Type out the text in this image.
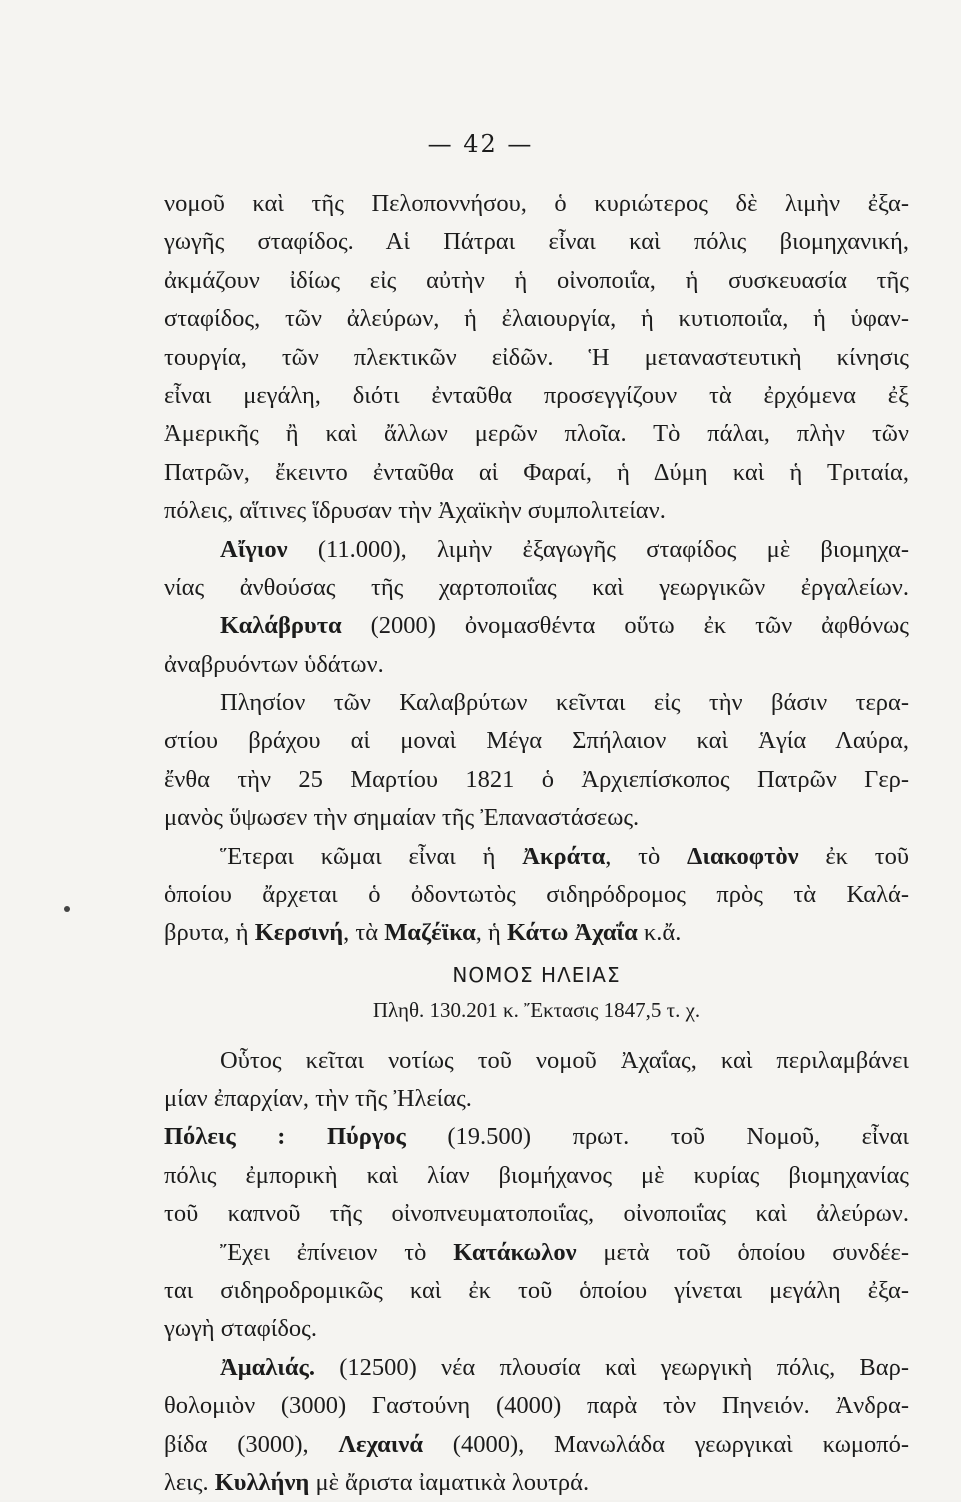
— 42 —
νομοῦ καὶ τῆς Πελοποννήσου, ὁ κυριώτερος δὲ λιμὴν ἐξα-
γωγῆς σταφίδος. Αἱ Πάτραι εἶναι καὶ πόλις βιομηχανική,
ἀκμάζουν ἰδίως εἰς αὐτὴν ἡ οἰνοποιΐα, ἡ συσκευασία τῆς
σταφίδος, τῶν ἀλεύρων, ἡ ἐλαιουργία, ἡ κυτιοποιΐα, ἡ ὑφαν-
τουργία, τῶν πλεκτικῶν εἰδῶν. Ἡ μεταναστευτικὴ κίνησις
εἶναι μεγάλη, διότι ἐνταῦθα προσεγγίζουν τὰ ἐρχόμενα ἐξ
Ἀμερικῆς ἢ καὶ ἄλλων μερῶν πλοῖα. Τὸ πάλαι, πλὴν τῶν
Πατρῶν, ἔκειντο ἐνταῦθα αἱ Φαραί, ἡ Δύμη καὶ ἡ Τριταία,
πόλεις, αἵτινες ἵδρυσαν τὴν Ἀχαϊκὴν συμπολιτείαν.
Αἴγιον (11.000), λιμὴν ἐξαγωγῆς σταφίδος μὲ βιομηχα-
νίας ἀνθούσας τῆς χαρτοποιΐας καὶ γεωργικῶν ἐργαλείων.
Καλάβρυτα (2000) ὀνομασθέντα οὕτω ἐκ τῶν ἀφθόνως
ἀναβρυόντων ὑδάτων.
Πλησίον τῶν Καλαβρύτων κεῖνται εἰς τὴν βάσιν τερα-
στίου βράχου αἱ μοναὶ Μέγα Σπήλαιον καὶ Ἁγία Λαύρα,
ἔνθα τὴν 25 Μαρτίου 1821 ὁ Ἀρχιεπίσκοπος Πατρῶν Γερ-
μανὸς ὕψωσεν τὴν σημαίαν τῆς Ἐπαναστάσεως.
Ἕτεραι κῶμαι εἶναι ἡ Ἀκράτα, τὸ Διακοφτὸν ἐκ τοῦ
ὁποίου ἄρχεται ὁ ὀδοντωτὸς σιδηρόδρομος πρὸς τὰ Καλά-
βρυτα, ἡ Κερσινή, τὰ Μαζέϊκα, ἡ Κάτω Ἀχαΐα κ.ἄ.
ΝΟΜΟΣ ΗΛΕΙΑΣ
Πληθ. 130.201 κ. Ἔκτασις 1847,5 τ. χ.
Οὗτος κεῖται νοτίως τοῦ νομοῦ Ἀχαΐας, καὶ περιλαμβάνει
μίαν ἐπαρχίαν, τὴν τῆς Ἠλείας.
Πόλεις : Πύργος (19.500) πρωτ. τοῦ Νομοῦ, εἶναι
πόλις ἐμπορικὴ καὶ λίαν βιομήχανος μὲ κυρίας βιομηχανίας
τοῦ καπνοῦ τῆς οἰνοπνευματοποιΐας, οἰνοποιΐας καὶ ἀλεύρων.
Ἔχει ἐπίνειον τὸ Κατάκωλον μετὰ τοῦ ὁποίου συνδέε-
ται σιδηροδρομικῶς καὶ ἐκ τοῦ ὁποίου γίνεται μεγάλη ἐξα-
γωγὴ σταφίδος.
Ἀμαλιάς. (12500) νέα πλουσία καὶ γεωργικὴ πόλις, Βαρ-
θολομιὸν (3000) Γαστούνη (4000) παρὰ τὸν Πηνειόν. Ἀνδρα-
βίδα (3000), Λεχαινά (4000), Μανωλάδα γεωργικαὶ κωμοπό-
λεις. Κυλλήνη μὲ ἄριστα ἰαματικὰ λουτρά.
